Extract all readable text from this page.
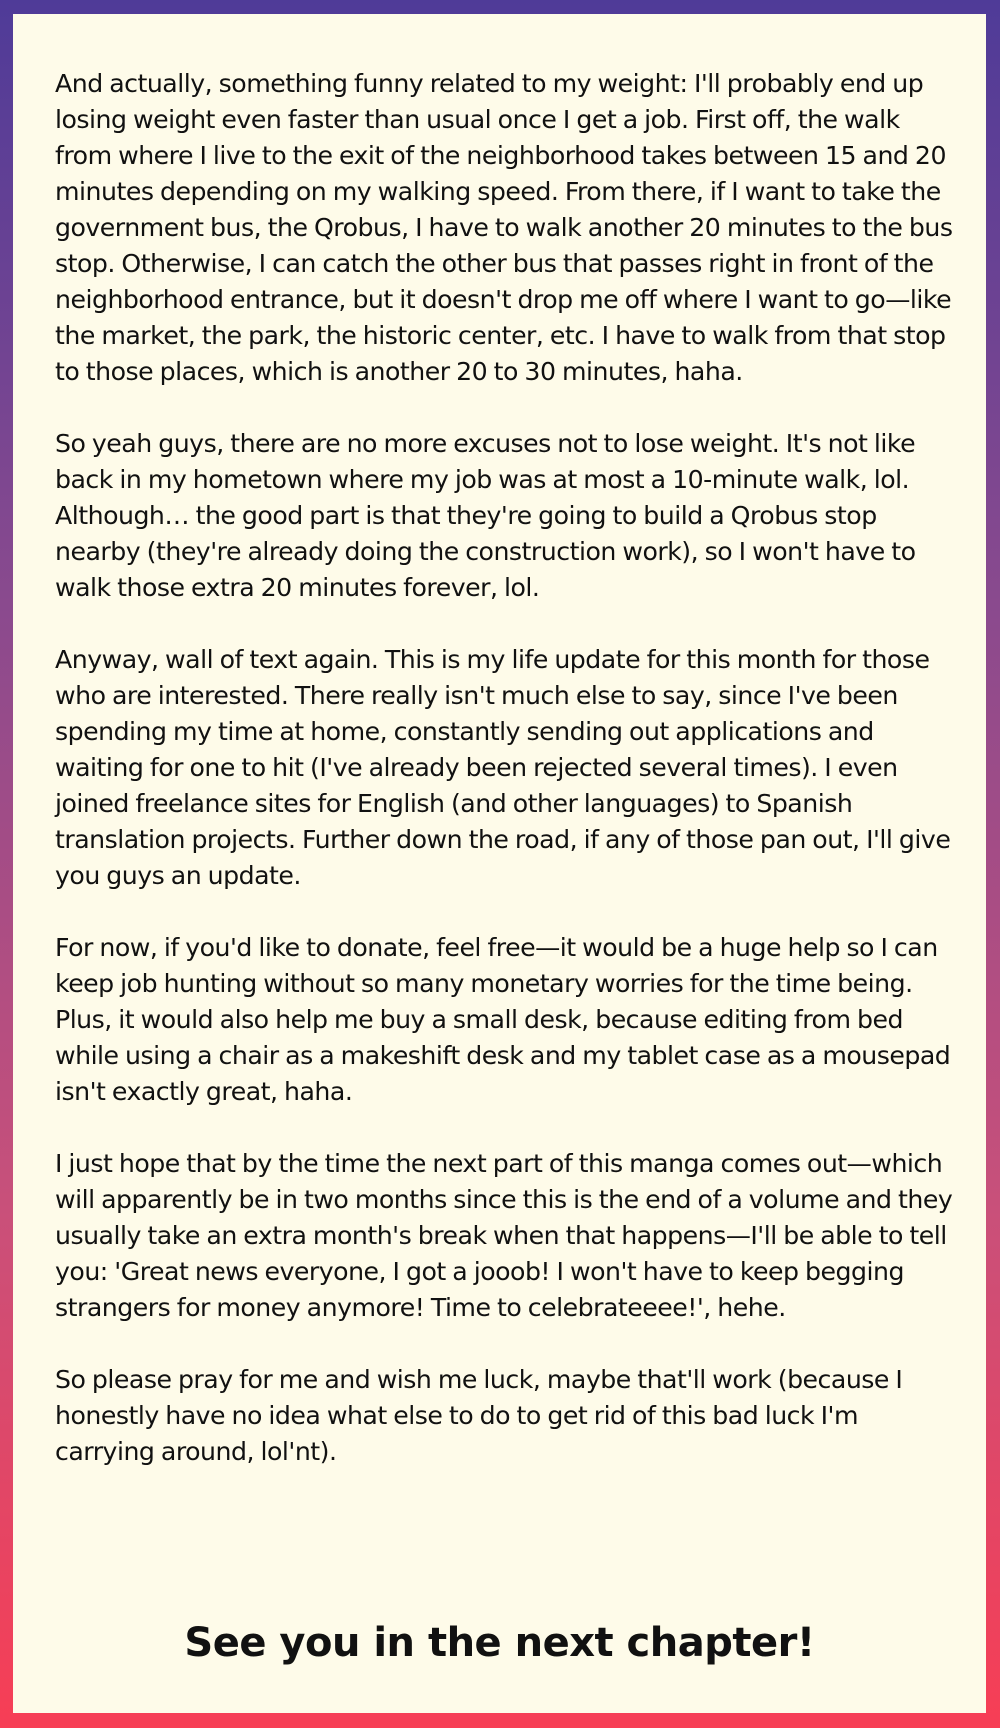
And actually, something funny related to my weight: I'll probably end up losing weight even faster than usual once I get a job. First off, the walk from where I live to the exit of the neighborhood takes between 15 and 20 minutes depending on my walking speed. From there, if I want to take the government bus, the Qrobus, I have to walk another 20 minutes to the bus stop. Otherwise, I can catch the other bus that passes right in front of the neighborhood entrance, but it doesn't drop me off where I want to go—like the market, the park, the historic center, etc. I have to walk from that stop to those places, which is another 20 to 30 minutes, haha.

So yeah guys, there are no more excuses not to lose weight. It's not like back in my hometown where my job was at most a 10-minute walk, lol. Although… the good part is that they're going to build a Qrobus stop nearby (they're already doing the construction work), so I won't have to walk those extra 20 minutes forever, lol.

Anyway, wall of text again. This is my life update for this month for those who are interested. There really isn't much else to say, since I've been spending my time at home, constantly sending out applications and waiting for one to hit (I've already been rejected several times). I even joined freelance sites for English (and other languages) to Spanish translation projects. Further down the road, if any of those pan out, I'll give you guys an update.

For now, if you'd like to donate, feel free—it would be a huge help so I can keep job hunting without so many monetary worries for the time being. Plus, it would also help me buy a small desk, because editing from bed while using a chair as a makeshift desk and my tablet case as a mousepad isn't exactly great, haha.

I just hope that by the time the next part of this manga comes out—which will apparently be in two months since this is the end of a volume and they usually take an extra month's break when that happens—I'll be able to tell you: 'Great news everyone, I got a jooob! I won't have to keep begging strangers for money anymore! Time to celebrateeee!', hehe.

So please pray for me and wish me luck, maybe that'll work (because I honestly have no idea what else to do to get rid of this bad luck I'm carrying around, lol'nt).

See you in the next chapter!
